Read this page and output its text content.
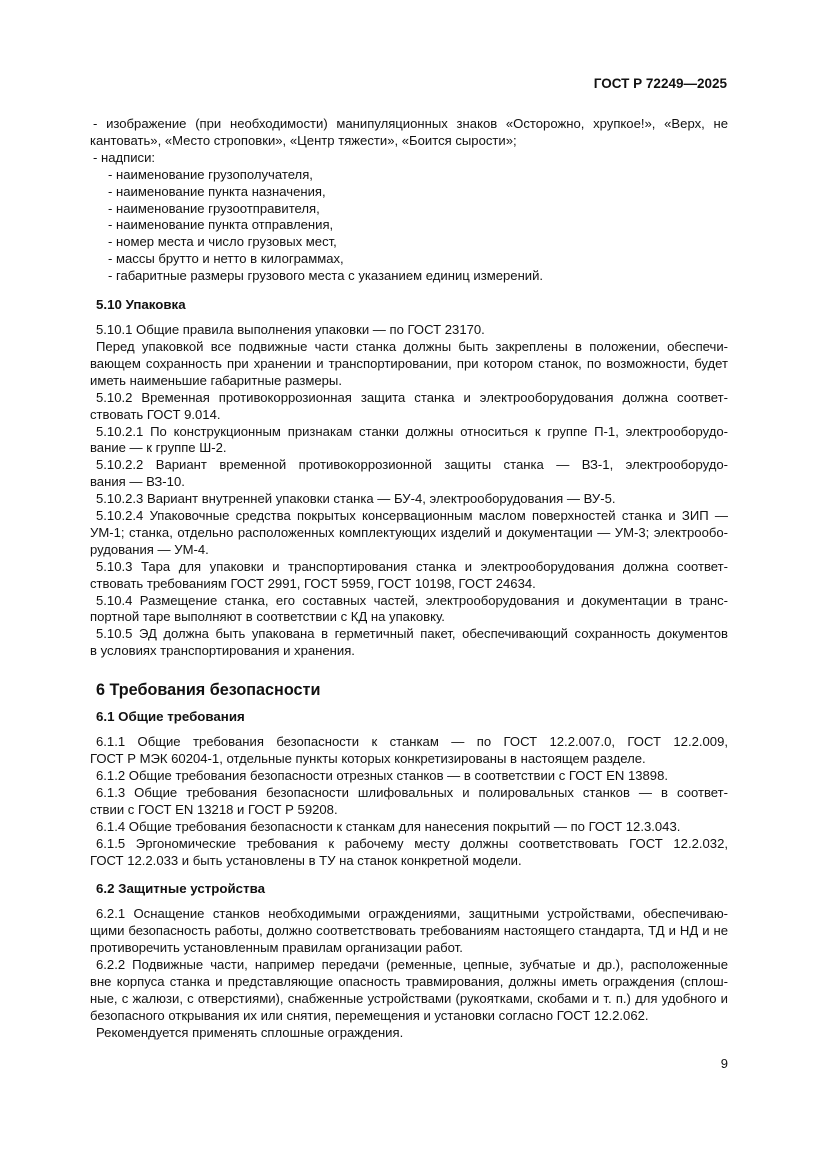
ГОСТ Р 72249—2025
- изображение (при необходимости) манипуляционных знаков «Осторожно, хрупкое!», «Верх, не
кантовать», «Место строповки», «Центр тяжести», «Боится сырости»;
- надписи:
- наименование грузополучателя,
- наименование пункта назначения,
- наименование грузоотправителя,
- наименование пункта отправления,
- номер места и число грузовых мест,
- массы брутто и нетто в килограммах,
- габаритные размеры грузового места с указанием единиц измерений.
5.10 Упаковка
5.10.1 Общие правила выполнения упаковки — по ГОСТ 23170.
Перед упаковкой все подвижные части станка должны быть закреплены в положении, обеспечи-
вающем сохранность при хранении и транспортировании, при котором станок, по возможности, будет
иметь наименьшие габаритные размеры.
5.10.2 Временная противокоррозионная защита станка и электрооборудования должна соответ-
ствовать ГОСТ 9.014.
5.10.2.1 По конструкционным признакам станки должны относиться к группе П-1, электрооборудо-
вание — к группе Ш-2.
5.10.2.2 Вариант временной противокоррозионной защиты станка — ВЗ-1, электрооборудо-
вания — ВЗ-10.
5.10.2.3 Вариант внутренней упаковки станка — БУ-4, электрооборудования — ВУ-5.
5.10.2.4 Упаковочные средства покрытых консервационным маслом поверхностей станка и ЗИП —
УМ-1; станка, отдельно расположенных комплектующих изделий и документации — УМ-3; электрообо-
рудования — УМ-4.
5.10.3 Тара для упаковки и транспортирования станка и электрооборудования должна соответ-
ствовать требованиям ГОСТ 2991, ГОСТ 5959, ГОСТ 10198, ГОСТ 24634.
5.10.4 Размещение станка, его составных частей, электрооборудования и документации в транс-
портной таре выполняют в соответствии с КД на упаковку.
5.10.5 ЭД должна быть упакована в герметичный пакет, обеспечивающий сохранность документов
в условиях транспортирования и хранения.
6 Требования безопасности
6.1 Общие требования
6.1.1 Общие требования безопасности к станкам — по ГОСТ 12.2.007.0, ГОСТ 12.2.009,
ГОСТ Р МЭК 60204-1, отдельные пункты которых конкретизированы в настоящем разделе.
6.1.2 Общие требования безопасности отрезных станков — в соответствии с ГОСТ EN 13898.
6.1.3 Общие требования безопасности шлифовальных и полировальных станков — в соответ-
ствии с ГОСТ EN 13218 и ГОСТ Р 59208.
6.1.4 Общие требования безопасности к станкам для нанесения покрытий — по ГОСТ 12.3.043.
6.1.5 Эргономические требования к рабочему месту должны соответствовать ГОСТ 12.2.032,
ГОСТ 12.2.033 и быть установлены в ТУ на станок конкретной модели.
6.2 Защитные устройства
6.2.1 Оснащение станков необходимыми ограждениями, защитными устройствами, обеспечиваю-
щими безопасность работы, должно соответствовать требованиям настоящего стандарта, ТД и НД и не
противоречить установленным правилам организации работ.
6.2.2 Подвижные части, например передачи (ременные, цепные, зубчатые и др.), расположенные
вне корпуса станка и представляющие опасность травмирования, должны иметь ограждения (сплош-
ные, с жалюзи, с отверстиями), снабженные устройствами (рукоятками, скобами и т. п.) для удобного и
безопасного открывания их или снятия, перемещения и установки согласно ГОСТ 12.2.062.
Рекомендуется применять сплошные ограждения.
9
